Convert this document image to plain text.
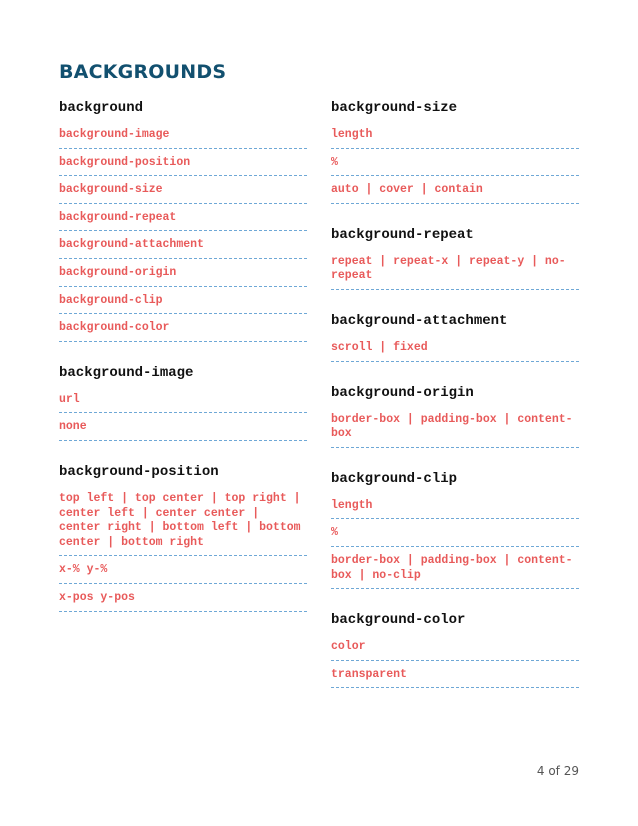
BACKGROUNDS
background
background-image
background-position
background-size
background-repeat
background-attachment
background-origin
background-clip
background-color
background-image
url
none
background-position
top left | top center | top right | center left | center center | center right | bottom left | bottom center | bottom right
x-% y-%
x-pos y-pos
background-size
length
%
auto | cover | contain
background-repeat
repeat | repeat-x | repeat-y | no-repeat
background-attachment
scroll | fixed
background-origin
border-box | padding-box | content-box
background-clip
length
%
border-box | padding-box | content-box | no-clip
background-color
color
transparent
4 of 29
